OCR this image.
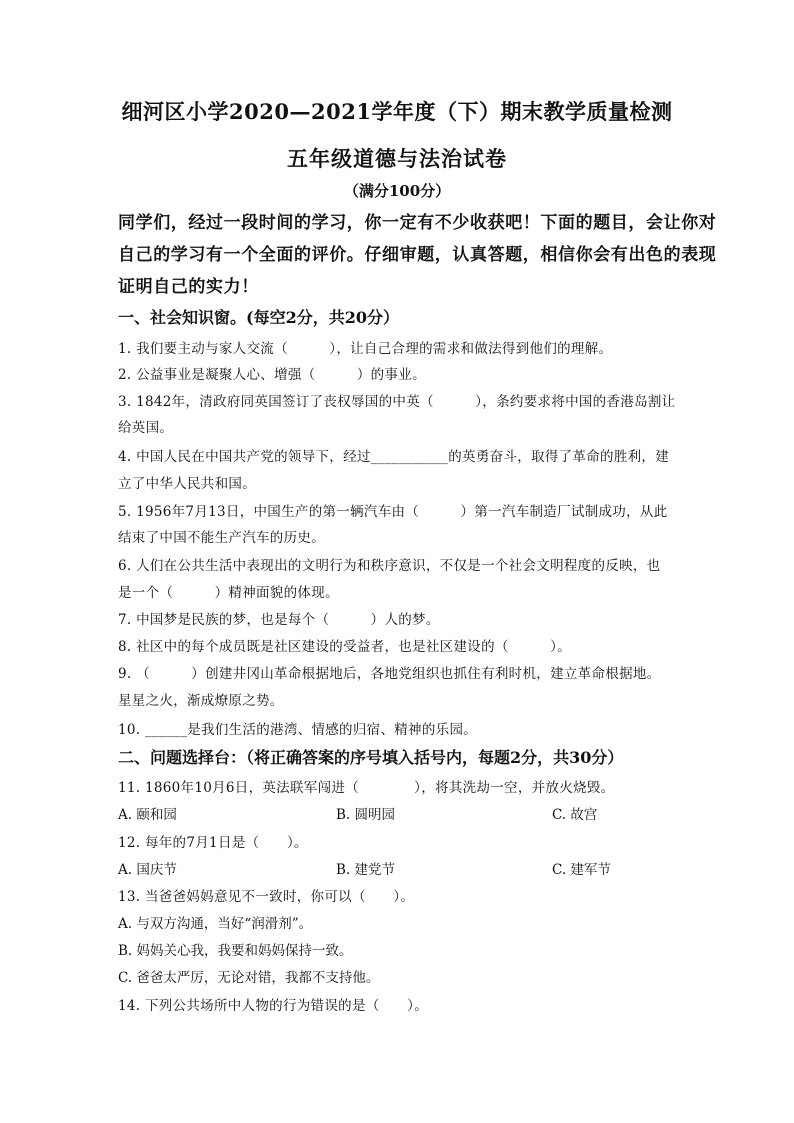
细河区小学2020—2021学年度（下）期末教学质量检测
五年级道德与法治试卷
（满分100分）
同学们，经过一段时间的学习，你一定有不少收获吧！下面的题目，会让你对
自己的学习有一个全面的评价。仔细审题，认真答题，相信你会有出色的表现
证明自己的实力！
一、社会知识窗。(每空2分，共20分）
1. 我们要主动与家人交流（　　　），让自己合理的需求和做法得到他们的理解。
2. 公益事业是凝聚人心、增强（　　　）的事业。
3. 1842年，清政府同英国签订了丧权辱国的中英（　　　），条约要求将中国的香港岛割让
给英国。
4. 中国人民在中国共产党的领导下，经过___________的英勇奋斗，取得了革命的胜利，建
立了中华人民共和国。
5. 1956年7月13日，中国生产的第一辆汽车由（　　　）第一汽车制造厂试制成功，从此
结束了中国不能生产汽车的历史。
6. 人们在公共生活中表现出的文明行为和秩序意识，不仅是一个社会文明程度的反映，也
是一个（　　　）精神面貌的体现。
7. 中国梦是民族的梦，也是每个（　　　）人的梦。
8. 社区中的每个成员既是社区建设的受益者，也是社区建设的（　　　）。
9. （　　　）创建井冈山革命根据地后，各地党组织也抓住有利时机，建立革命根据地。
星星之火，渐成燎原之势。
10. ______是我们生活的港湾、情感的归宿、精神的乐园。
二、问题选择台：（将正确答案的序号填入括号内，每题2分，共30分）
11. 1860年10月6日，英法联军闯进（　　　　），将其洗劫一空，并放火烧毁。
A. 颐和园	B. 圆明园	C. 故宫
12. 每年的7月1日是（　　）。
A. 国庆节	B. 建党节	C. 建军节
13. 当爸爸妈妈意见不一致时，你可以（　　）。
A. 与双方沟通，当好“润滑剂”。
B. 妈妈关心我，我要和妈妈保持一致。
C. 爸爸太严厉，无论对错，我都不支持他。
14. 下列公共场所中人物的行为错误的是（　　）。
